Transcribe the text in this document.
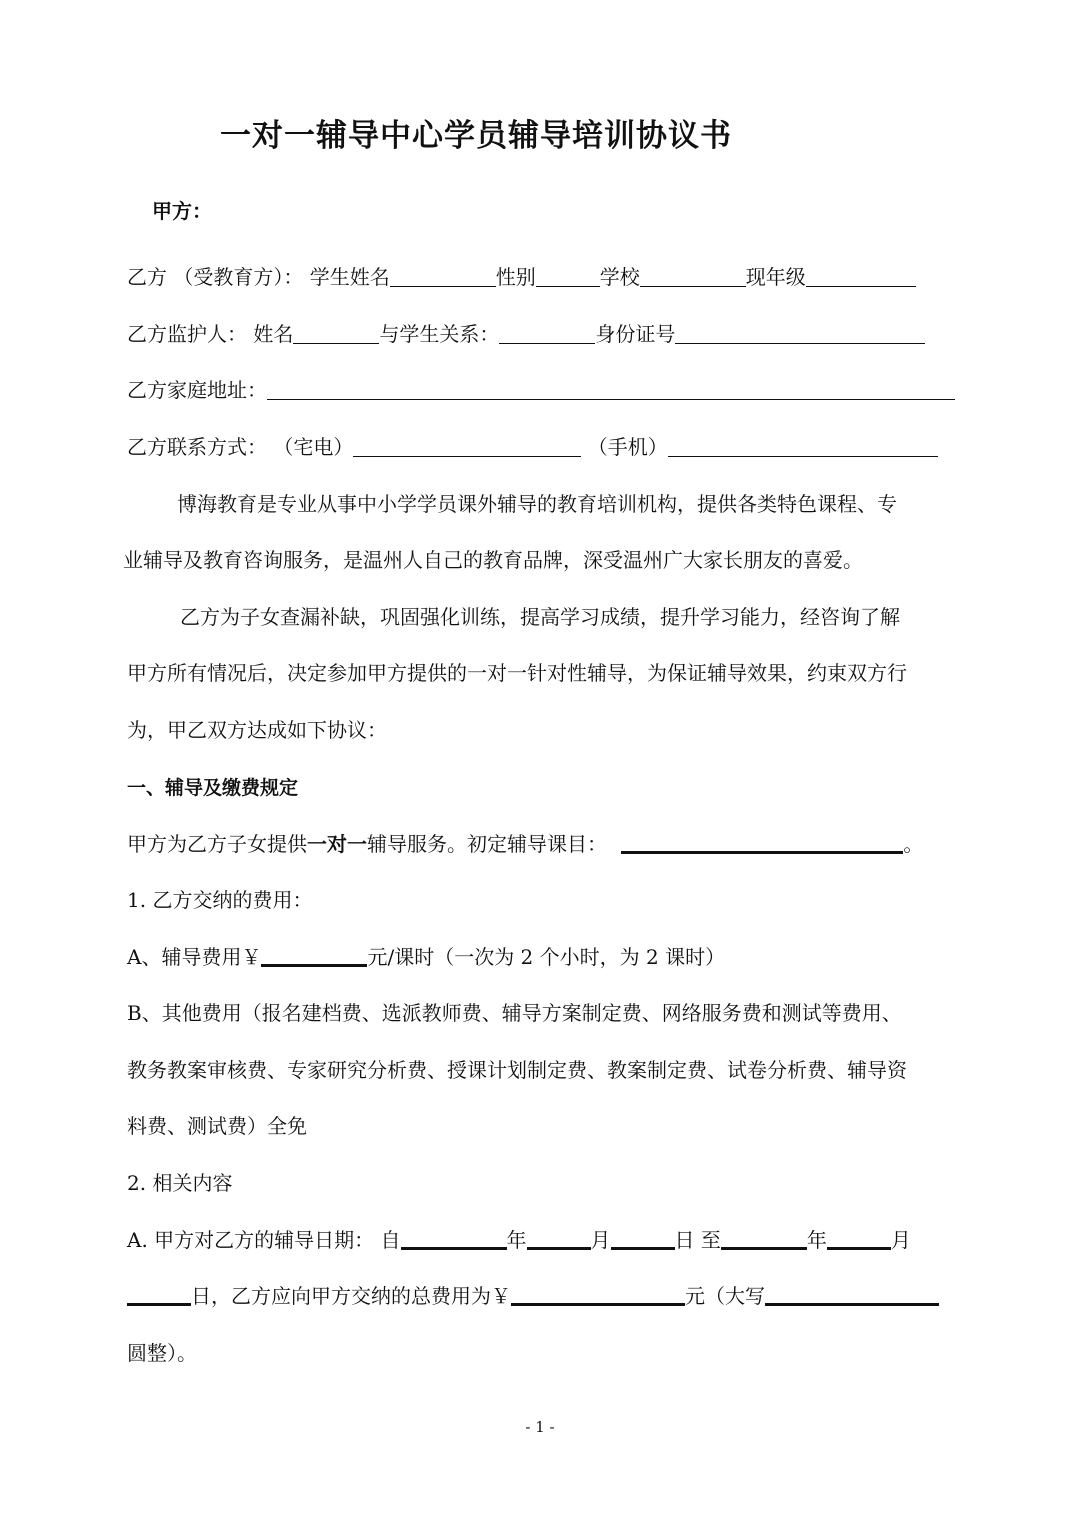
一对一辅导中心学员辅导培训协议书
甲方：
乙方 （受教育方）： 学生姓名	性别	学校	现年级
乙方监护人： 姓名	与学生关系：	身份证号
乙方家庭地址：
乙方联系方式： （宅电）	（手机）
博海教育是专业从事中小学学员课外辅导的教育培训机构，提供各类特色课程、专
业辅导及教育咨询服务，是温州人自己的教育品牌，深受温州广大家长朋友的喜爱。
乙方为子女查漏补缺，巩固强化训练，提高学习成绩，提升学习能力，经咨询了解
甲方所有情况后，决定参加甲方提供的一对一针对性辅导，为保证辅导效果，约束双方行
为，甲乙双方达成如下协议：
一、辅导及缴费规定
甲方为乙方子女提供一对一辅导服务。初定辅导课目：	。
1. 乙方交纳的费用：
A、辅导费用￥	元/课时（一次为 2 个小时，为 2 课时）
B、其他费用（报名建档费、选派教师费、辅导方案制定费、网络服务费和测试等费用、
教务教案审核费、专家研究分析费、授课计划制定费、教案制定费、试卷分析费、辅导资
料费、测试费）全免
2. 相关内容
A. 甲方对乙方的辅导日期： 自	年	月	日 至	年	月
日，乙方应向甲方交纳的总费用为￥	元（大写
圆整）。
- 1 -
